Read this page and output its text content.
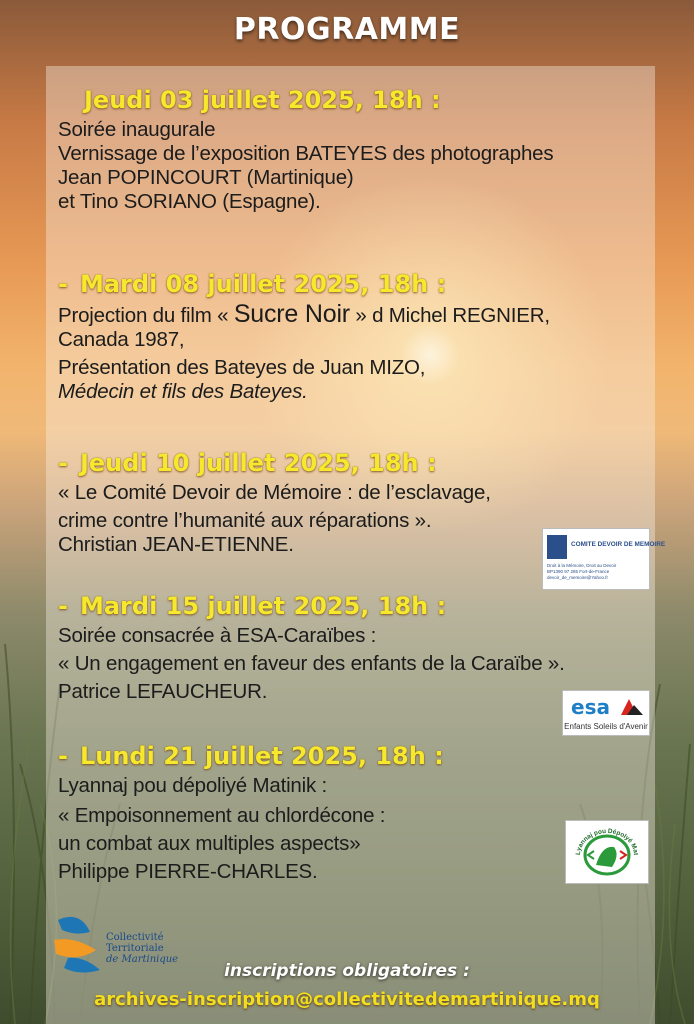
PROGRAMME
Jeudi 03 juillet 2025, 18h :
Soirée inaugurale
Vernissage de l’exposition BATEYES des photographes
Jean POPINCOURT (Martinique)
et Tino SORIANO (Espagne).
- Mardi 08 juillet 2025, 18h :
Projection du film « Sucre Noir » d Michel REGNIER,
Canada 1987,
Présentation des Bateyes de Juan MIZO,
Médecin et fils des Bateyes.
- Jeudi 10 juillet 2025, 18h :
« Le Comité Devoir de Mémoire : de l’esclavage,
crime contre l’humanité aux réparations ».
Christian JEAN-ETIENNE.
- Mardi 15 juillet 2025, 18h :
Soirée consacrée à ESA-Caraïbes :
« Un engagement en faveur des enfants de la Caraïbe ».
Patrice LEFAUCHEUR.
- Lundi 21 juillet 2025, 18h :
Lyannaj pou dépoliyé Matinik :
« Empoisonnement au chlordécone :
un combat aux multiples aspects»
Philippe PIERRE-CHARLES.
COMITE DEVOIR DE MEMOIRE
Droit à la Mémoire, Droit au Devoir
BP1390 97 285 Fort-de-France
devoir_de_memoire@Yahoo.fr
esa
Enfants Soleils d'Avenir
Lyannaj pou Dépolyé Mat
Collectivité
Territoriale
de Martinique
inscriptions obligatoires :
archives-inscription@collectivitedemartinique.mq
